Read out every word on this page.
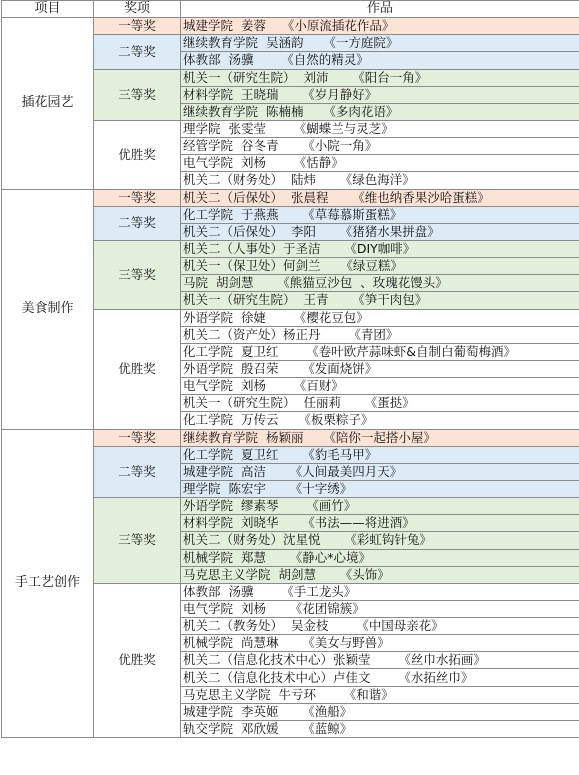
项目	奖项	作品
插花园艺	一等奖	城建学院  姜蓉    《小原流插花作品》
	二等奖	继续教育学院  吴涵韵     《一方庭院》
		体教部  汤骥       《自然的精灵》
	三等奖	机关一（研究生院）  刘沛      《阳台一角》
		材料学院  王晓瑞      《岁月静好》
		继续教育学院  陈楠楠     《多肉花语》
	优胜奖	理学院  张雯莹       《蝴蝶兰与灵芝》
		经管学院  谷冬青      《小院一角》
		电气学院  刘杨       《恬静》
		机关二（财务处）  陆炜      《绿色海洋》
美食制作	一等奖	机关二（后保处）  张晨程      《维也纳香果沙哈蛋糕》
	二等奖	化工学院  于燕燕      《草莓慕斯蛋糕》
		机关二（后保处）  李阳      《猪猪水果拼盘》
	三等奖	机关二（人事处）于圣洁      《DIY咖啡》
		机关一（保卫处）何剑兰     《绿豆糕》
		马院  胡剑慧      《熊猫豆沙包  、玫瑰花馒头》
		机关一（研究生院）  王青      《笋干肉包》
	优胜奖	外语学院  徐婕       《樱花豆包》
		机关二（资产处）杨正丹       《青团》
		化工学院  夏卫红       《卷叶欧芹蒜味虾&自制白葡萄梅酒》
		外语学院  殷召荣      《发面烧饼》
		电气学院  刘杨       《百财》
		机关一（研究生院）  任丽莉      《蛋挞》
		化工学院  万传云     《板栗粽子》
手工艺创作	一等奖	继续教育学院  杨颖丽     《陪你一起搭小屋》
	二等奖	化工学院  夏卫红      《豹毛马甲》
		城建学院  高洁      《人间最美四月天》
		理学院  陈宏宇      《十字绣》
	三等奖	外语学院  缪素琴       《画竹》
		材料学院  刘晓华      《书法——将进酒》
		机关二（财务处）沈星悦      《彩虹钩针兔》
		机械学院  郑慧      《静心*心境》
		马克思主义学院  胡剑慧      《头饰》
	优胜奖	体教部  汤骥       《手工龙头》
		电气学院  刘杨      《花团锦簇》
		机关二（教务处）  吴金枝       《中国母亲花》
		机械学院  尚慧琳      《美女与野兽》
		机关二（信息化技术中心）张颖莹       《丝巾水拓画》
		机关二（信息化技术中心）卢佳文       《水拓丝巾》
		马克思主义学院  牛亏环       《和谐》
		城建学院  李英姬      《渔船》
		轨交学院  邓欣媛      《蓝鲸》
